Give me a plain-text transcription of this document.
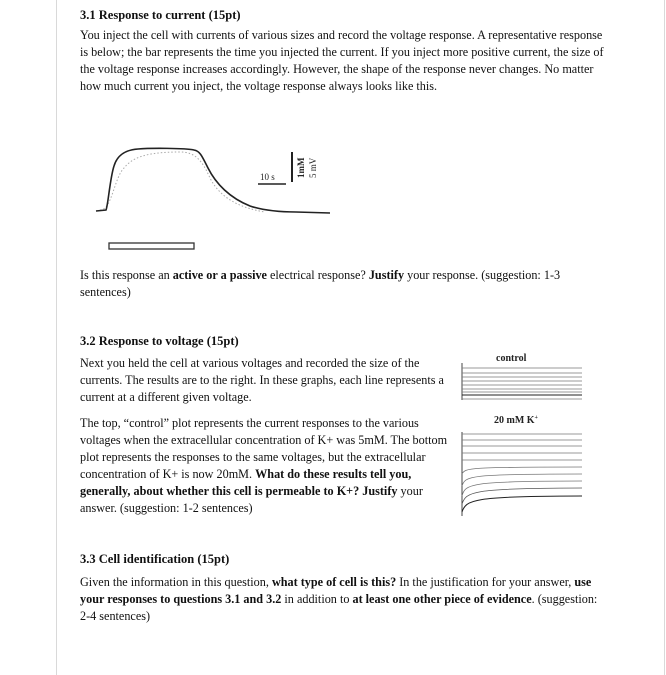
3.1 Response to current (15pt)

You inject the cell with currents of various sizes and record the voltage response. A representative response is below; the bar represents the time you injected the current. If you inject more positive current, the size of the voltage response increases accordingly. However, the shape of the response never changes. No matter how much current you inject, the voltage response always looks like this.

10 s 1mM 5 mV

Is this response an active or a passive electrical response? Justify your response. (suggestion: 1-3 sentences)

3.2 Response to voltage (15pt)

Next you held the cell at various voltages and recorded the size of the currents. The results are to the right. In these graphs, each line represents a current at a different given voltage.

The top, “control” plot represents the current responses to the various voltages when the extracellular concentration of K+ was 5mM. The bottom plot represents the responses to the same voltages, but the extracellular concentration of K+ is now 20mM. What do these results tell you, generally, about whether this cell is permeable to K+? Justify your answer. (suggestion: 1-2 sentences)

control
20 mM K+
3.3 Cell identification (15pt)

Given the information in this question, what type of cell is this? In the justification for your answer, use your responses to questions 3.1 and 3.2 in addition to at least one other piece of evidence. (suggestion: 2-4 sentences)
